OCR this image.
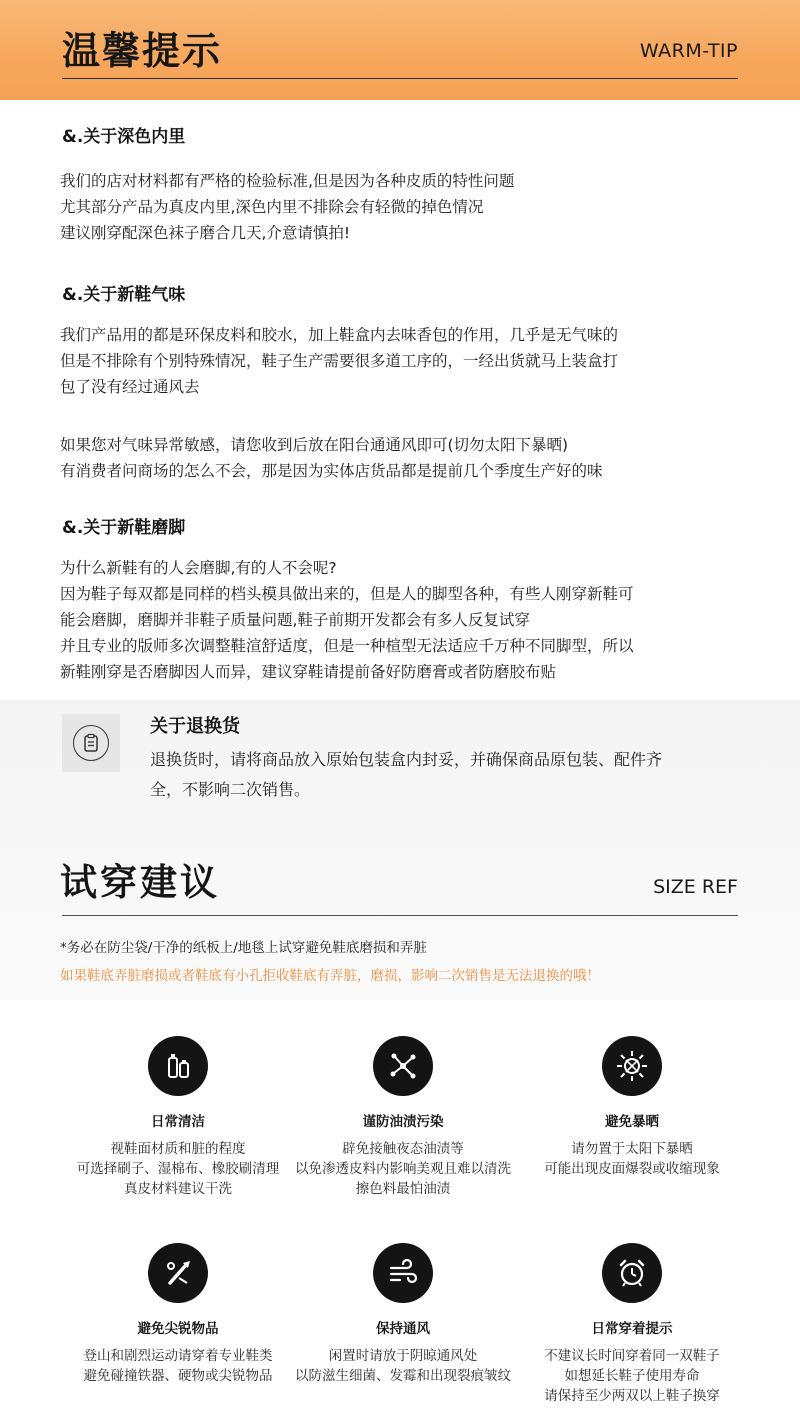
温馨提示	WARM-TIP
&.关于深色内里
我们的店对材料都有严格的检验标准,但是因为各种皮质的特性问题
尤其部分产品为真皮内里,深色内里不排除会有轻微的掉色情况
建议刚穿配深色袜子磨合几天,介意请慎拍!
&.关于新鞋气味
我们产品用的都是环保皮料和胶水，加上鞋盒内去味香包的作用，几乎是无气味的
但是不排除有个别特殊情况，鞋子生产需要很多道工序的，一经出货就马上装盒打
包了没有经过通风去
如果您对气味异常敏感，请您收到后放在阳台通通风即可(切勿太阳下暴晒)
有消费者问商场的怎么不会，那是因为实体店货品都是提前几个季度生产好的味
&.关于新鞋磨脚
为什么新鞋有的人会磨脚,有的人不会呢?
因为鞋子每双都是同样的档头模具做出来的，但是人的脚型各种，有些人刚穿新鞋可
能会磨脚，磨脚并非鞋子质量问题,鞋子前期开发都会有多人反复试穿
并且专业的版师多次调整鞋渲舒适度，但是一种楦型无法适应千万种不同脚型，所以
新鞋刚穿是否磨脚因人而异，建议穿鞋请提前备好防磨膏或者防磨胶布贴
关于退换货
退换货时，请将商品放入原始包装盒内封妥，并确保商品原包装、配件齐
全，不影响二次销售。
试穿建议	SIZE REF
*务必在防尘袋/干净的纸板上/地毯上试穿避免鞋底磨损和弄脏
如果鞋底弄脏磨损或者鞋底有小孔拒收鞋底有弄脏，磨损，影响二次销售是无法退换的哦！
日常清洁
视鞋面材质和脏的程度
可选择刷子、湿棉布、橡胶刷清理
真皮材料建议干洗
谨防油渍污染
辟免接触夜态油渍等
以免渗透皮料内影响美观且难以清洗
擦色料最怕油渍
避免暴晒
请勿置于太阳下暴晒
可能出现皮面爆裂或收缩现象
避免尖锐物品
登山和剧烈运动请穿着专业鞋类
避免碰撞铁器、硬物或尖锐物品
保持通风
闲置时请放于阴晾通风处
以防滋生细菌、发霉和出现裂痕皱纹
日常穿着提示
不建议长时间穿着同一双鞋子
如想延长鞋子使用寿命
请保持至少两双以上鞋子换穿
